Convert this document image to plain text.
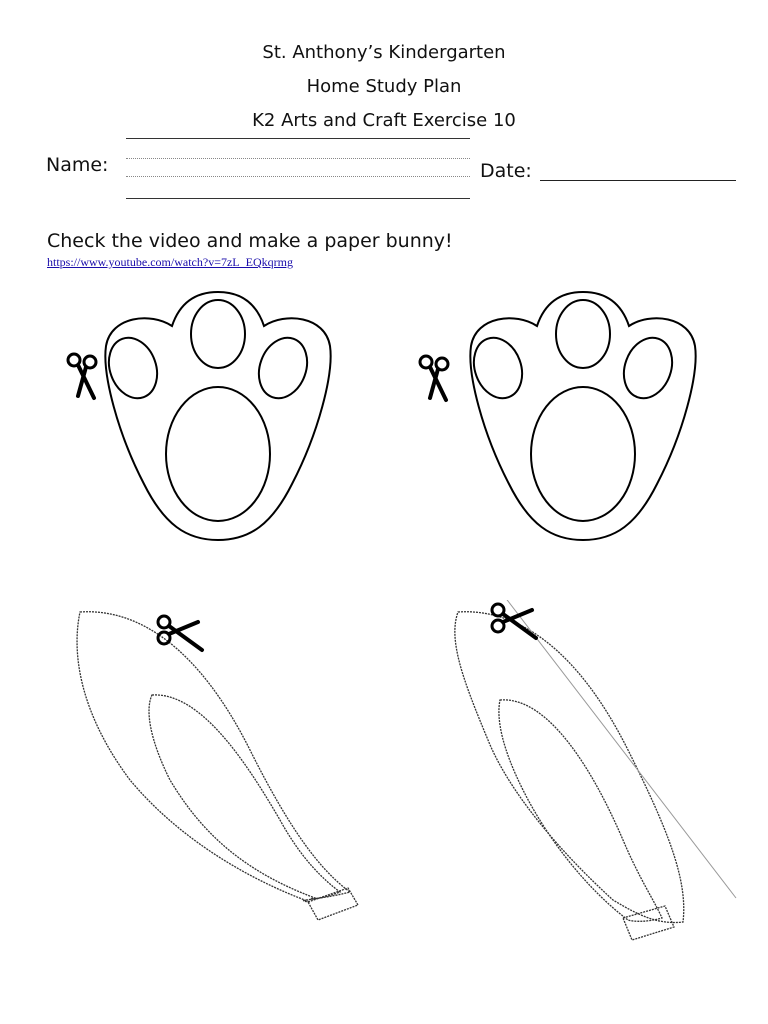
St. Anthony’s Kindergarten
Home Study Plan
K2 Arts and Craft Exercise 10
Name:	Date:
Check the video and make a paper bunny!
https://www.youtube.com/watch?v=7zL_EQkqrmg
